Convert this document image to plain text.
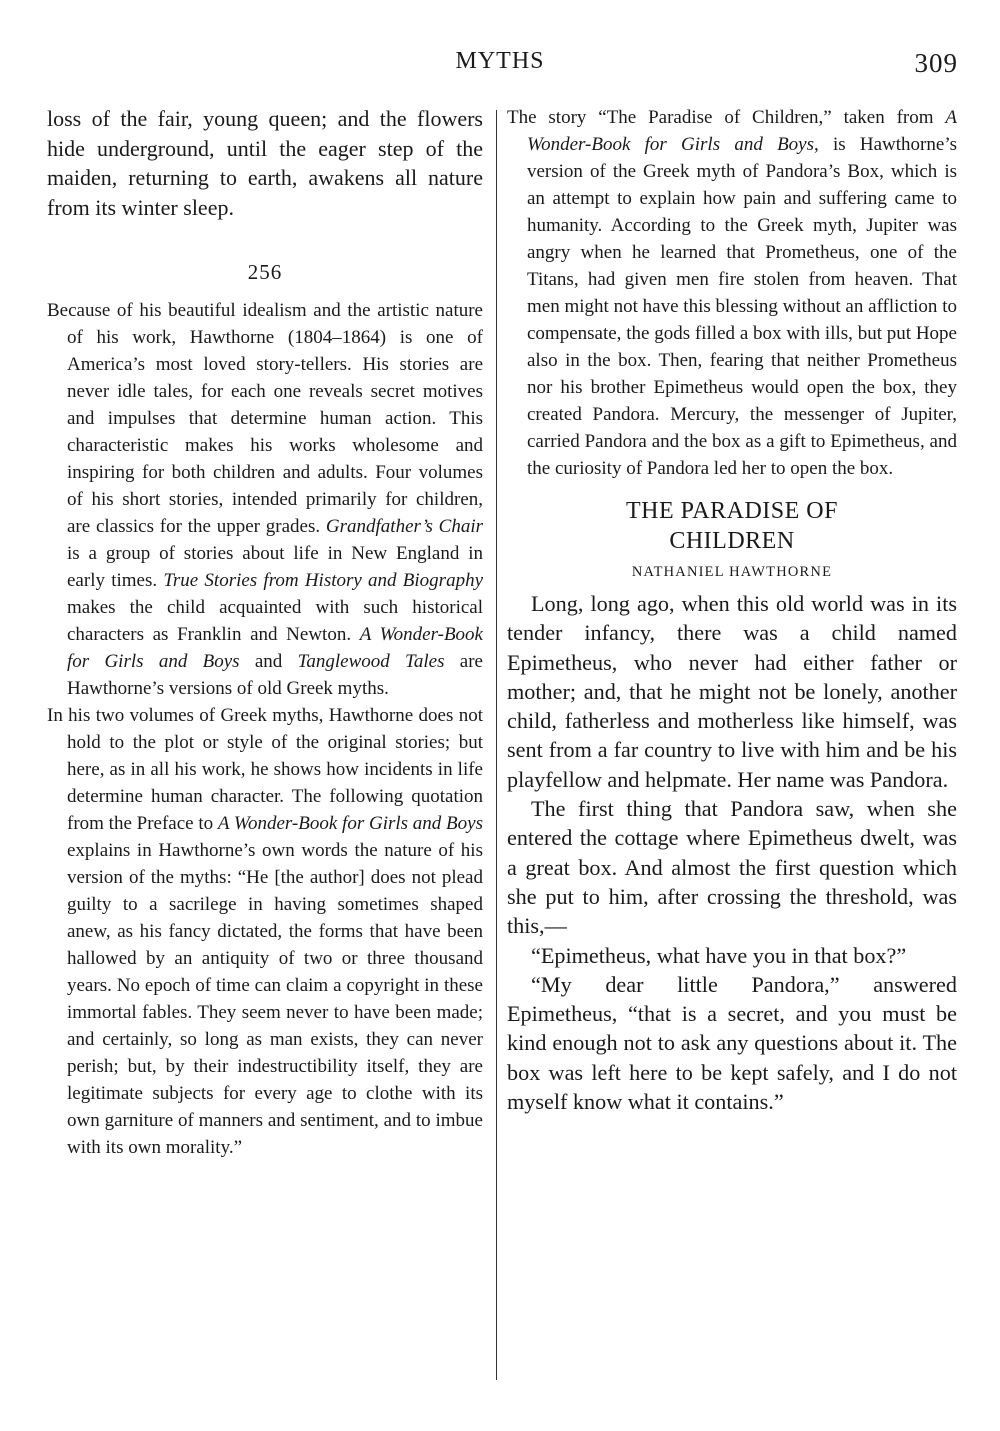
MYTHS	309

loss of the fair, young queen; and the flowers hide underground, until the eager step of the maiden, returning to earth, awakens all nature from its winter sleep.

256

Because of his beautiful idealism and the artistic nature of his work, Hawthorne (1804–1864) is one of America’s most loved story-tellers. His stories are never idle tales, for each one reveals secret motives and impulses that determine human action. This characteristic makes his works wholesome and inspiring for both children and adults. Four volumes of his short stories, intended primarily for children, are classics for the upper grades. Grandfather’s Chair is a group of stories about life in New England in early times. True Stories from History and Biography makes the child acquainted with such historical characters as Franklin and Newton. A Wonder-Book for Girls and Boys and Tanglewood Tales are Hawthorne’s versions of old Greek myths.

In his two volumes of Greek myths, Hawthorne does not hold to the plot or style of the original stories; but here, as in all his work, he shows how incidents in life determine human character. The following quotation from the Preface to A Wonder-Book for Girls and Boys explains in Hawthorne’s own words the nature of his version of the myths: “He [the author] does not plead guilty to a sacrilege in having sometimes shaped anew, as his fancy dictated, the forms that have been hallowed by an antiquity of two or three thousand years. No epoch of time can claim a copyright in these immortal fables. They seem never to have been made; and certainly, so long as man exists, they can never perish; but, by their indestructibility itself, they are legitimate subjects for every age to clothe with its own garniture of manners and sentiment, and to imbue with its own morality.”

The story “The Paradise of Children,” taken from A Wonder-Book for Girls and Boys, is Hawthorne’s version of the Greek myth of Pandora’s Box, which is an attempt to explain how pain and suffering came to humanity. According to the Greek myth, Jupiter was angry when he learned that Prometheus, one of the Titans, had given men fire stolen from heaven. That men might not have this blessing without an affliction to compensate, the gods filled a box with ills, but put Hope also in the box. Then, fearing that neither Prometheus nor his brother Epimetheus would open the box, they created Pandora. Mercury, the messenger of Jupiter, carried Pandora and the box as a gift to Epimetheus, and the curiosity of Pandora led her to open the box.

THE PARADISE OF
CHILDREN
NATHANIEL HAWTHORNE

Long, long ago, when this old world was in its tender infancy, there was a child named Epimetheus, who never had either father or mother; and, that he might not be lonely, another child, fatherless and motherless like himself, was sent from a far country to live with him and be his playfellow and helpmate. Her name was Pandora.

The first thing that Pandora saw, when she entered the cottage where Epimetheus dwelt, was a great box. And almost the first question which she put to him, after crossing the threshold, was this,—

“Epimetheus, what have you in that box?”

“My dear little Pandora,” answered Epimetheus, “that is a secret, and you must be kind enough not to ask any questions about it. The box was left here to be kept safely, and I do not myself know what it contains.”
